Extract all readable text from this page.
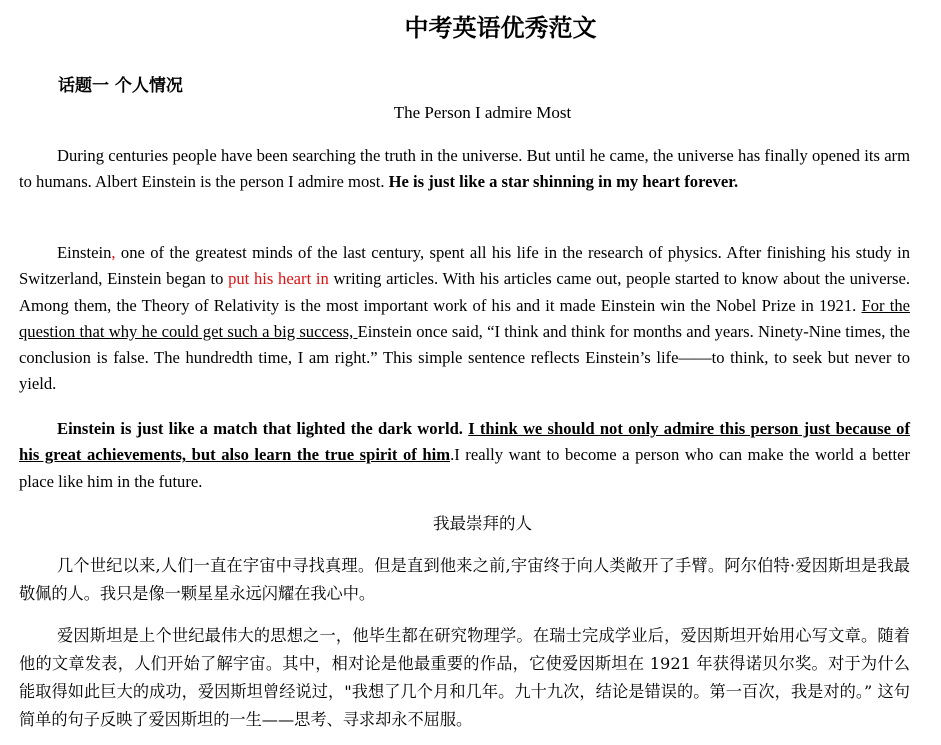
中考英语优秀范文
话题一 个人情况
The Person I admire Most

During centuries people have been searching the truth in the universe. But until he came, the universe has finally opened its arm to humans. Albert Einstein is the person I admire most. He is just like a star shinning in my heart forever.

Einstein, one of the greatest minds of the last century, spent all his life in the research of physics. After finishing his study in Switzerland, Einstein began to put his heart in writing articles. With his articles came out, people started to know about the universe. Among them, the Theory of Relativity is the most important work of his and it made Einstein win the Nobel Prize in 1921. For the question that why he could get such a big success, Einstein once said, “I think and think for months and years. Ninety-Nine times, the conclusion is false. The hundredth time, I am right.” This simple sentence reflects Einstein’s life——to think, to seek but never to yield.

Einstein is just like a match that lighted the dark world. I think we should not only admire this person just because of his great achievements, but also learn the true spirit of him.I really want to become a person who can make the world a better place like him in the future.

我最崇拜的人

几个世纪以来,人们一直在宇宙中寻找真理。但是直到他来之前,宇宙终于向人类敞开了手臂。阿尔伯特·爱因斯坦是我最敬佩的人。我只是像一颗星星永远闪耀在我心中。

爱因斯坦是上个世纪最伟大的思想之一，他毕生都在研究物理学。在瑞士完成学业后，爱因斯坦开始用心写文章。随着他的文章发表，人们开始了解宇宙。其中，相对论是他最重要的作品，它使爱因斯坦在 1921 年获得诺贝尔奖。对于为什么能取得如此巨大的成功，爱因斯坦曾经说过，"我想了几个月和几年。九十九次，结论是错误的。第一百次，我是对的。” 这句简单的句子反映了爱因斯坦的一生——思考、寻求却永不屈服。
